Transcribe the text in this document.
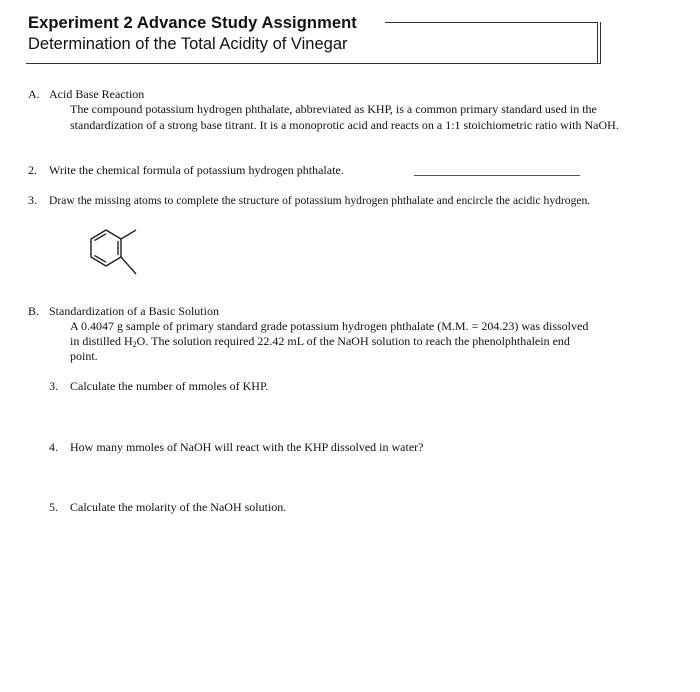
Experiment 2 Advance Study Assignment
Determination of the Total Acidity of Vinegar
A. Acid Base Reaction
The compound potassium hydrogen phthalate, abbreviated as KHP, is a common primary standard used in the standardization of a strong base titrant. It is a monoprotic acid and reacts on a 1:1 stoichiometric ratio with NaOH.
2. Write the chemical formula of potassium hydrogen phthalate.
3. Draw the missing atoms to complete the structure of potassium hydrogen phthalate and encircle the acidic hydrogen.
B. Standardization of a Basic Solution
A 0.4047 g sample of primary standard grade potassium hydrogen phthalate (M.M. = 204.23) was dissolved
in distilled $H_2O$. The solution required 22.42 mL of the NaOH solution to reach the phenolphthalein end
point.
3. Calculate the number of mmoles of KHP.
4. How many mmoles of NaOH will react with the KHP dissolved in water?
5. Calculate the molarity of the NaOH solution.
